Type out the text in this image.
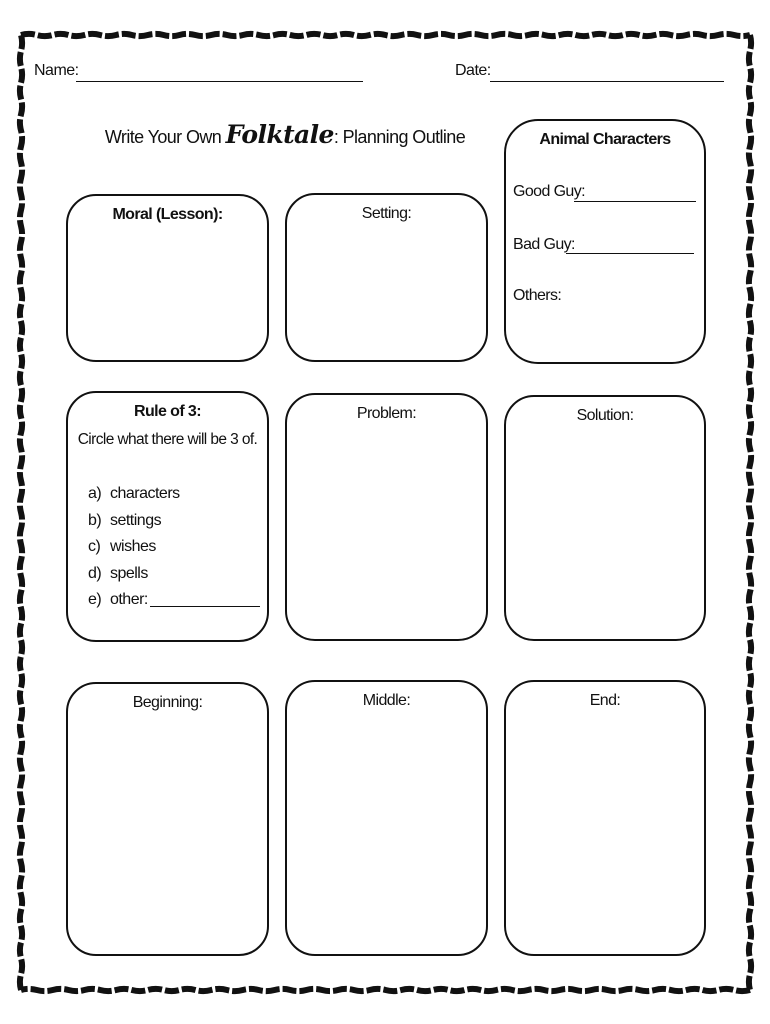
Name:	Date:
Write Your Own Folktale: Planning Outline	Animal Characters
Good Guy:
Bad Guy:
Others:
Moral (Lesson):	Setting:
Rule of 3:
Circle what there will be 3 of.
a) characters
b) settings
c) wishes
d) spells
e) other:
Problem:	Solution:
Beginning:	Middle:	End:
